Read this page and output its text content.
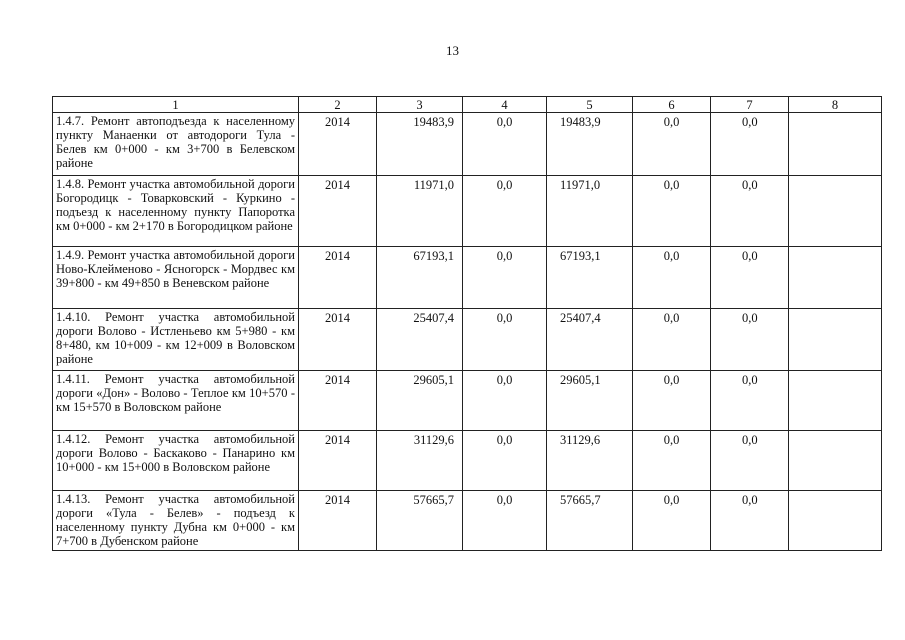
13
1	2	3	4	5	6	7	8
1.4.7. Ремонт автоподъезда к населенному пункту Манаенки от автодороги Тула - Белев км 0+000 - км 3+700 в Белевском районе	2014	19483,9	0,0	19483,9	0,0	0,0	
1.4.8. Ремонт участка автомобильной дороги Богородицк - Товарковский - Куркино - подъезд к населенному пункту Папоротка км 0+000 - км 2+170 в Богородицком районе	2014	11971,0	0,0	11971,0	0,0	0,0	
1.4.9. Ремонт участка автомобильной дороги Ново-Клейменово - Ясногорск - Мордвес км 39+800 - км 49+850 в Веневском районе	2014	67193,1	0,0	67193,1	0,0	0,0	
1.4.10. Ремонт участка автомобильной дороги Волово - Истленьево км 5+980 - км 8+480, км 10+009 - км 12+009 в Воловском районе	2014	25407,4	0,0	25407,4	0,0	0,0	
1.4.11. Ремонт участка автомобильной дороги «Дон» - Волово - Теплое км 10+570 - км 15+570 в Воловском районе	2014	29605,1	0,0	29605,1	0,0	0,0	
1.4.12. Ремонт участка автомобильной дороги Волово - Баскаково - Панарино км 10+000 - км 15+000 в Воловском районе	2014	31129,6	0,0	31129,6	0,0	0,0	
1.4.13. Ремонт участка автомобильной дороги «Тула - Белев» - подъезд к населенному пункту Дубна км 0+000 - км 7+700 в Дубенском районе	2014	57665,7	0,0	57665,7	0,0	0,0	
